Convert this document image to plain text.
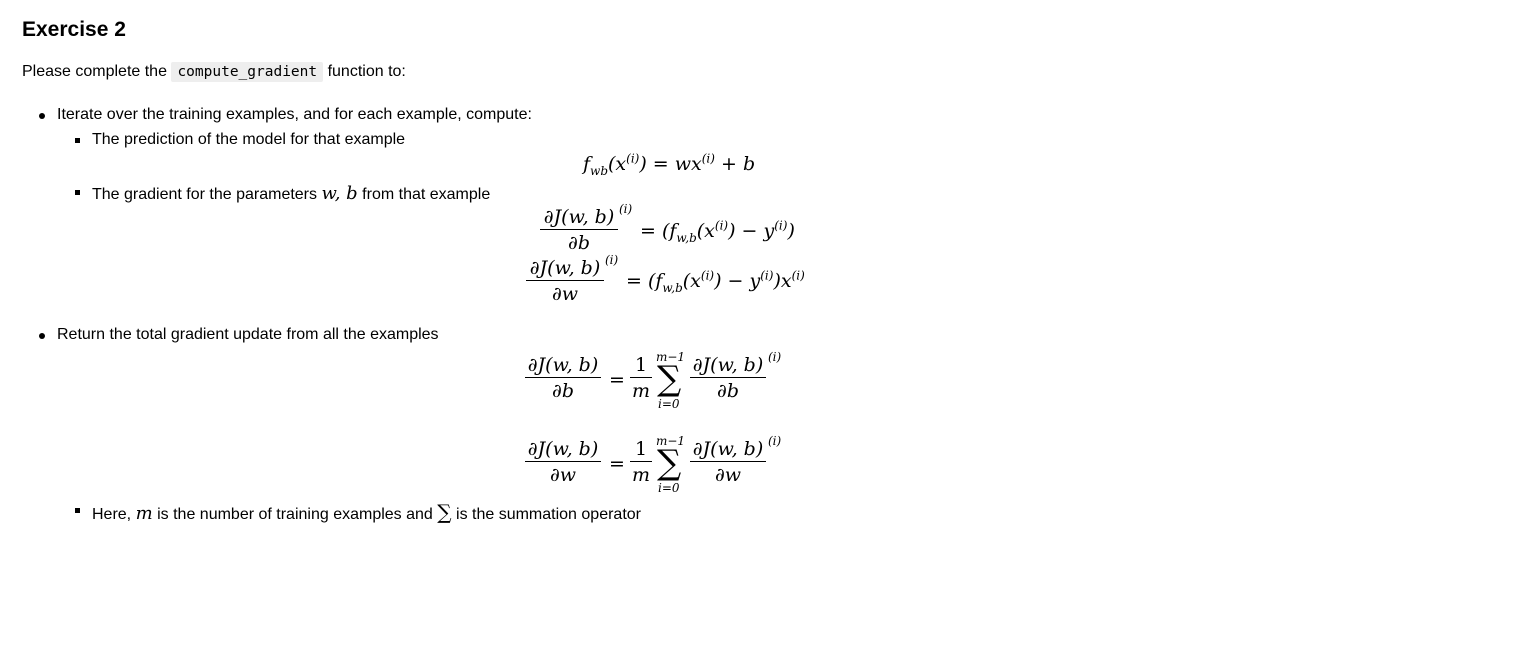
Exercise 2
Please complete the compute_gradient function to:
Iterate over the training examples, and for each example, compute:
The prediction of the model for that example
$f_{wb}(x^{(i)}) = wx^{(i)} + b$
The gradient for the parameters w, b from that example
∂J(w, b)
∂b
(i)
= $(f_{w,b}(x^{(i)}) - y^{(i)})$
∂J(w, b)
∂w
(i)
= $(f_{w,b}(x^{(i)}) - y^{(i)})x^{(i)}$
Return the total gradient update from all the examples
∂J(w, b)
∂b	=
1
m
m−1
∑
i=0
∂J(w, b)
∂b
(i)
∂J(w, b)
∂w	=
1
m
m−1
∑
i=0
∂J(w, b)
∂w
(i)
Here, m is the number of training examples and ∑ is the summation operator
